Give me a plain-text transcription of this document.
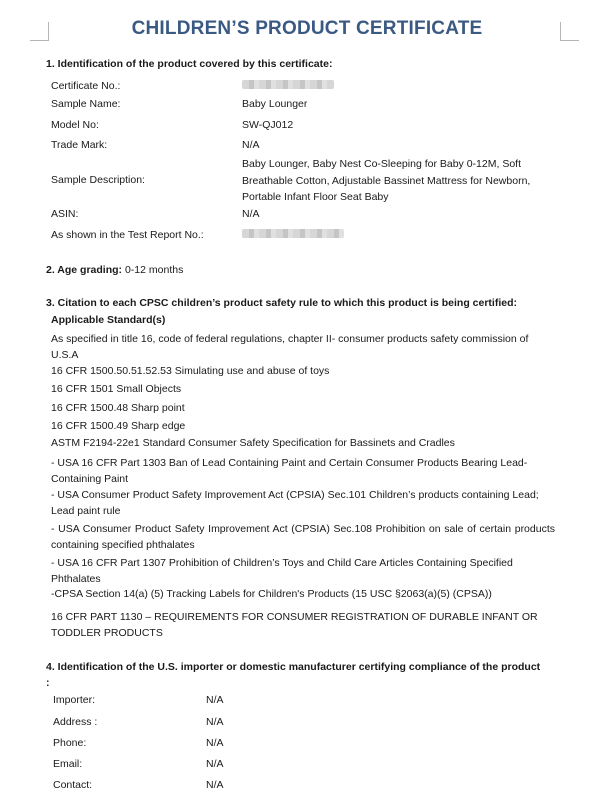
CHILDREN’S PRODUCT CERTIFICATE
1. Identification of the product covered by this certificate:
Certificate No.:
Sample Name:	Baby Lounger
Model No:	SW-QJ012
Trade Mark:	N/A
Sample Description:
Baby Lounger, Baby Nest Co-Sleeping for Baby 0-12M, Soft Breathable Cotton, Adjustable Bassinet Mattress for Newborn, Portable Infant Floor Seat Baby
ASIN:	N/A
As shown in the Test Report No.:
2. Age grading: 0-12 months
3. Citation to each CPSC children’s product safety rule to which this product is being certified:
Applicable Standard(s)
As specified in title 16, code of federal regulations, chapter II- consumer products safety commission of U.S.A
16 CFR 1500.50.51.52.53 Simulating use and abuse of toys
16 CFR 1501 Small Objects
16 CFR 1500.48 Sharp point
16 CFR 1500.49 Sharp edge
ASTM F2194-22e1 Standard Consumer Safety Specification for Bassinets and Cradles
- USA 16 CFR Part 1303 Ban of Lead Containing Paint and Certain Consumer Products Bearing Lead- Containing Paint
- USA Consumer Product Safety Improvement Act (CPSIA) Sec.101 Children’s products containing Lead; Lead paint rule
- USA Consumer Product Safety Improvement Act (CPSIA) Sec.108 Prohibition on sale of certain products containing specified phthalates
- USA 16 CFR Part 1307 Prohibition of Children’s Toys and Child Care Articles Containing Specified Phthalates
-CPSA Section 14(a) (5) Tracking Labels for Children's Products (15 USC §2063(a)(5) (CPSA))
16 CFR PART 1130 – REQUIREMENTS FOR CONSUMER REGISTRATION OF DURABLE INFANT OR TODDLER PRODUCTS
4. Identification of the U.S. importer or domestic manufacturer certifying compliance of the product :
Importer:	N/A
Address :	N/A
Phone:	N/A
Email:	N/A
Contact:	N/A
